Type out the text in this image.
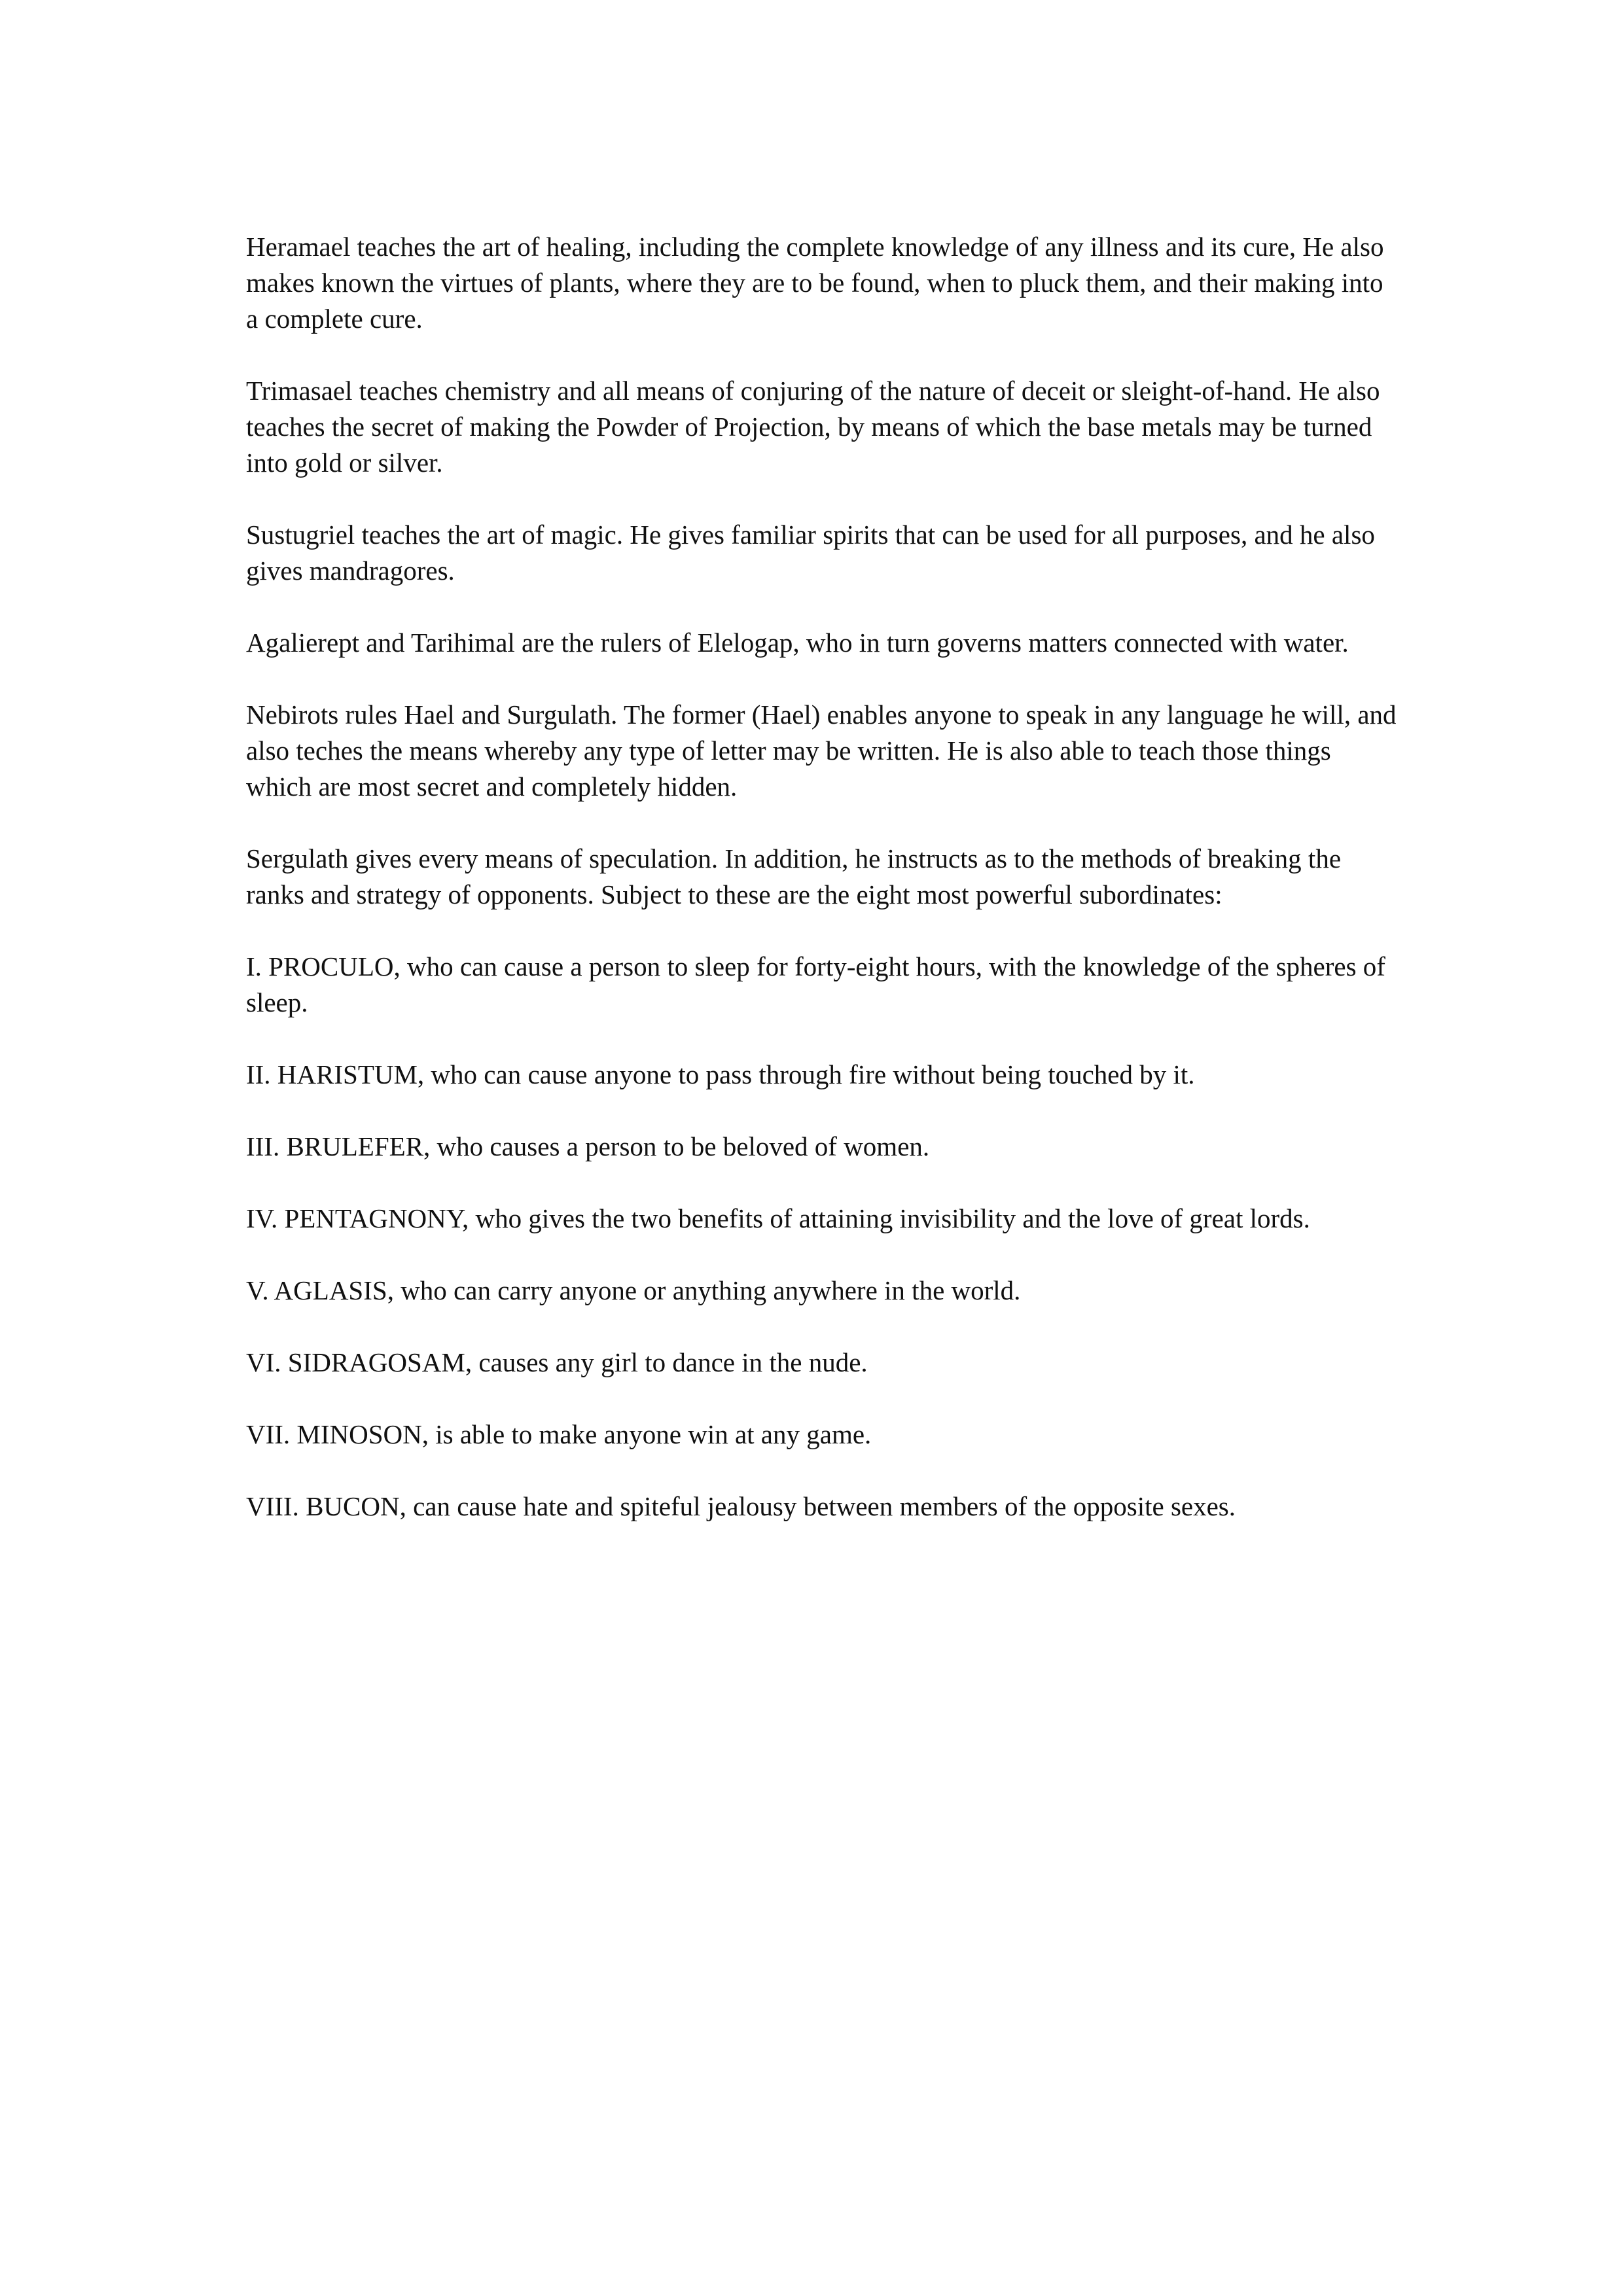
Heramael teaches the art of healing, including the complete knowledge of any illness and its cure, He also makes known the virtues of plants, where they are to be found, when to pluck them, and their making into a complete cure.

Trimasael teaches chemistry and all means of conjuring of the nature of deceit or sleight-of-hand. He also teaches the secret of making the Powder of Projection, by means of which the base metals may be turned into gold or silver.

Sustugriel teaches the art of magic. He gives familiar spirits that can be used for all purposes, and he also gives mandragores.

Agalierept and Tarihimal are the rulers of Elelogap, who in turn governs matters connected with water.

Nebirots rules Hael and Surgulath. The former (Hael) enables anyone to speak in any language he will, and also teches the means whereby any type of letter may be written. He is also able to teach those things which are most secret and completely hidden.

Sergulath gives every means of speculation. In addition, he instructs as to the methods of breaking the ranks and strategy of opponents. Subject to these are the eight most powerful subordinates:

I. PROCULO, who can cause a person to sleep for forty-eight hours, with the knowledge of the spheres of sleep.

II. HARISTUM, who can cause anyone to pass through fire without being touched by it.

III. BRULEFER, who causes a person to be beloved of women.

IV. PENTAGNONY, who gives the two benefits of attaining invisibility and the love of great lords.

V. AGLASIS, who can carry anyone or anything anywhere in the world.

VI. SIDRAGOSAM, causes any girl to dance in the nude.

VII. MINOSON, is able to make anyone win at any game.

VIII. BUCON, can cause hate and spiteful jealousy between members of the opposite sexes.
